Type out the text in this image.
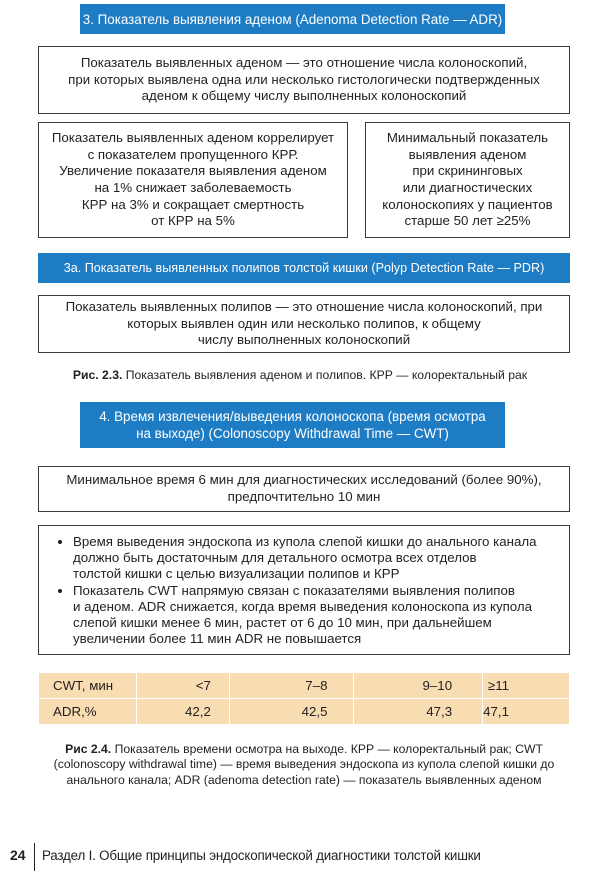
3. Показатель выявления аденом (Adenoma Detection Rate — ADR)
Показатель выявленных аденом — это отношение числа колоноскопий,
при которых выявлена одна или несколько гистологически подтвержденных
аденом к общему числу выполненных колоноскопий
Показатель выявленных аденом коррелирует
с показателем пропущенного КРР.
Увеличение показателя выявления аденом
на 1% снижает заболеваемость
КРР на 3% и сокращает смертность
от КРР на 5%
Минимальный показатель
выявления аденом
при скрининговых
или диагностических
колоноскопиях у пациентов
старше 50 лет ≥25%
3а. Показатель выявленных полипов толстой кишки (Polyp Detection Rate — PDR)
Показатель выявленных полипов — это отношение числа колоноскопий, при
которых выявлен один или несколько полипов, к общему
числу выполненных колоноскопий
Рис. 2.3. Показатель выявления аденом и полипов. КРР — колоректальный рак
4. Время извлечения/выведения колоноскопа (время осмотра
на выходе) (Colonoscopy Withdrawal Time — CWT)
Минимальное время 6 мин для диагностических исследований (более 90%),
предпочтительно 10 мин
• Время выведения эндоскопа из купола слепой кишки до анального канала
должно быть достаточным для детального осмотра всех отделов
толстой кишки с целью визуализации полипов и КРР
• Показатель CWT напрямую связан с показателями выявления полипов
и аденом. ADR снижается, когда время выведения колоноскопа из купола
слепой кишки менее 6 мин, растет от 6 до 10 мин, при дальнейшем
увеличении более 11 мин ADR не повышается
CWT, мин	<7	7–8	9–10	≥11
ADR,%	42,2	42,5	47,3	47,1
Рис 2.4. Показатель времени осмотра на выходе. КРР — колоректальный рак; CWT
(colonoscopy withdrawal time) — время выведения эндоскопа из купола слепой кишки до
анального канала; ADR (adenoma detection rate) — показатель выявленных аденом
24 Раздел I. Общие принципы эндоскопической диагностики толстой кишки
